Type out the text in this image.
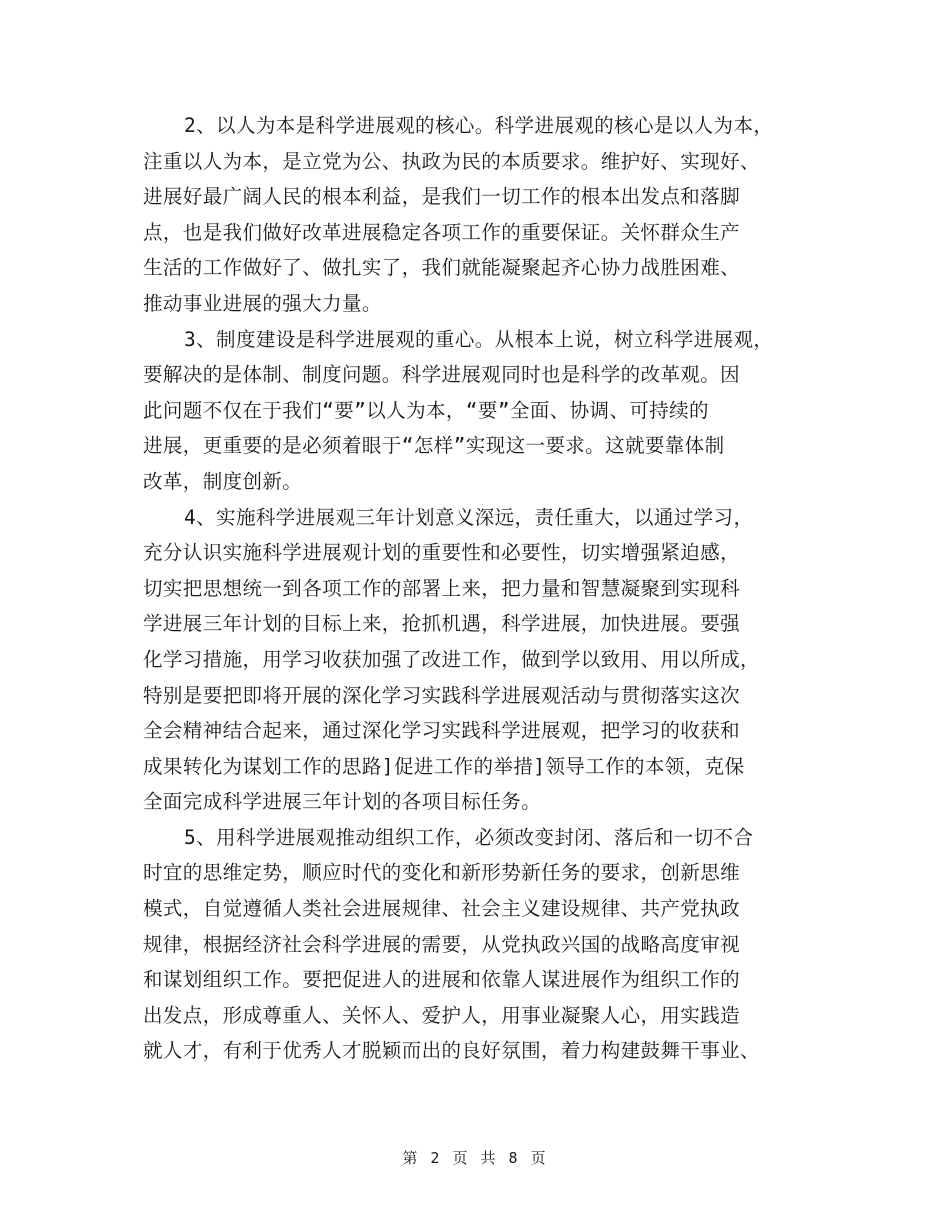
2、以人为本是科学进展观的核心。科学进展观的核心是以人为本，
注重以人为本，是立党为公、执政为民的本质要求。维护好、实现好、
进展好最广阔人民的根本利益，是我们一切工作的根本出发点和落脚
点，也是我们做好改革进展稳定各项工作的重要保证。关怀群众生产
生活的工作做好了、做扎实了，我们就能凝聚起齐心协力战胜困难、
推动事业进展的强大力量。
3、制度建设是科学进展观的重心。从根本上说，树立科学进展观，
要解决的是体制、制度问题。科学进展观同时也是科学的改革观。因
此问题不仅在于我们“要”以人为本，“要”全面、协调、可持续的
进展，更重要的是必须着眼于“怎样”实现这一要求。这就要靠体制
改革，制度创新。
4、实施科学进展观三年计划意义深远，责任重大，以通过学习，
充分认识实施科学进展观计划的重要性和必要性，切实增强紧迫感，
切实把思想统一到各项工作的部署上来，把力量和智慧凝聚到实现科
学进展三年计划的目标上来，抢抓机遇，科学进展，加快进展。要强
化学习措施，用学习收获加强了改进工作，做到学以致用、用以所成，
特别是要把即将开展的深化学习实践科学进展观活动与贯彻落实这次
全会精神结合起来，通过深化学习实践科学进展观，把学习的收获和
成果转化为谋划工作的思路]促进工作的举措]领导工作的本领，克保
全面完成科学进展三年计划的各项目标任务。
5、用科学进展观推动组织工作，必须改变封闭、落后和一切不合
时宜的思维定势，顺应时代的变化和新形势新任务的要求，创新思维
模式，自觉遵循人类社会进展规律、社会主义建设规律、共产党执政
规律，根据经济社会科学进展的需要，从党执政兴国的战略高度审视
和谋划组织工作。要把促进人的进展和依靠人谋进展作为组织工作的
出发点，形成尊重人、关怀人、爱护人，用事业凝聚人心，用实践造
就人才，有利于优秀人才脱颖而出的良好氛围，着力构建鼓舞干事业、
第 2 页 共 8 页
